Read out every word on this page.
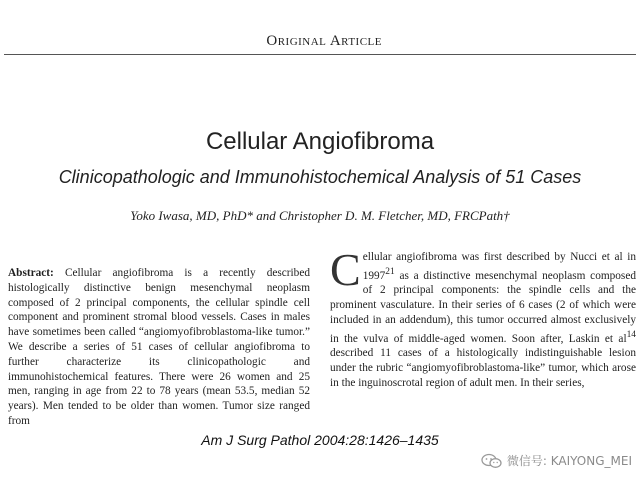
Original Article
Cellular Angiofibroma
Clinicopathologic and Immunohistochemical Analysis of 51 Cases
Yoko Iwasa, MD, PhD* and Christopher D. M. Fletcher, MD, FRCPath†
Abstract: Cellular angiofibroma is a recently described histologically distinctive benign mesenchymal neoplasm composed of 2 principal components, the cellular spindle cell component and prominent stromal blood vessels. Cases in males have sometimes been called “angiomyofibroblastoma-like tumor.” We describe a series of 51 cases of cellular angiofibroma to further characterize its clinicopathologic and immunohistochemical features. There were 26 women and 25 men, ranging in age from 22 to 78 years (mean 53.5, median 52 years). Men tended to be older than women. Tumor size ranged from
Cellular angiofibroma was first described by Nucci et al in 1997$^{21}$ as a distinctive mesenchymal neoplasm composed of 2 principal components: the spindle cells and the prominent vasculature. In their series of 6 cases (2 of which were included in an addendum), this tumor occurred almost exclusively in the vulva of middle-aged women. Soon after, Laskin et $al^{14}$ described 11 cases of a histologically indistinguishable lesion under the rubric “angiomyofibroblastoma-like” tumor, which arose in the inguinoscrotal region of adult men. In their series,
Am J Surg Pathol 2004:28:1426–1435
微信号: KAIYONG_MEI
